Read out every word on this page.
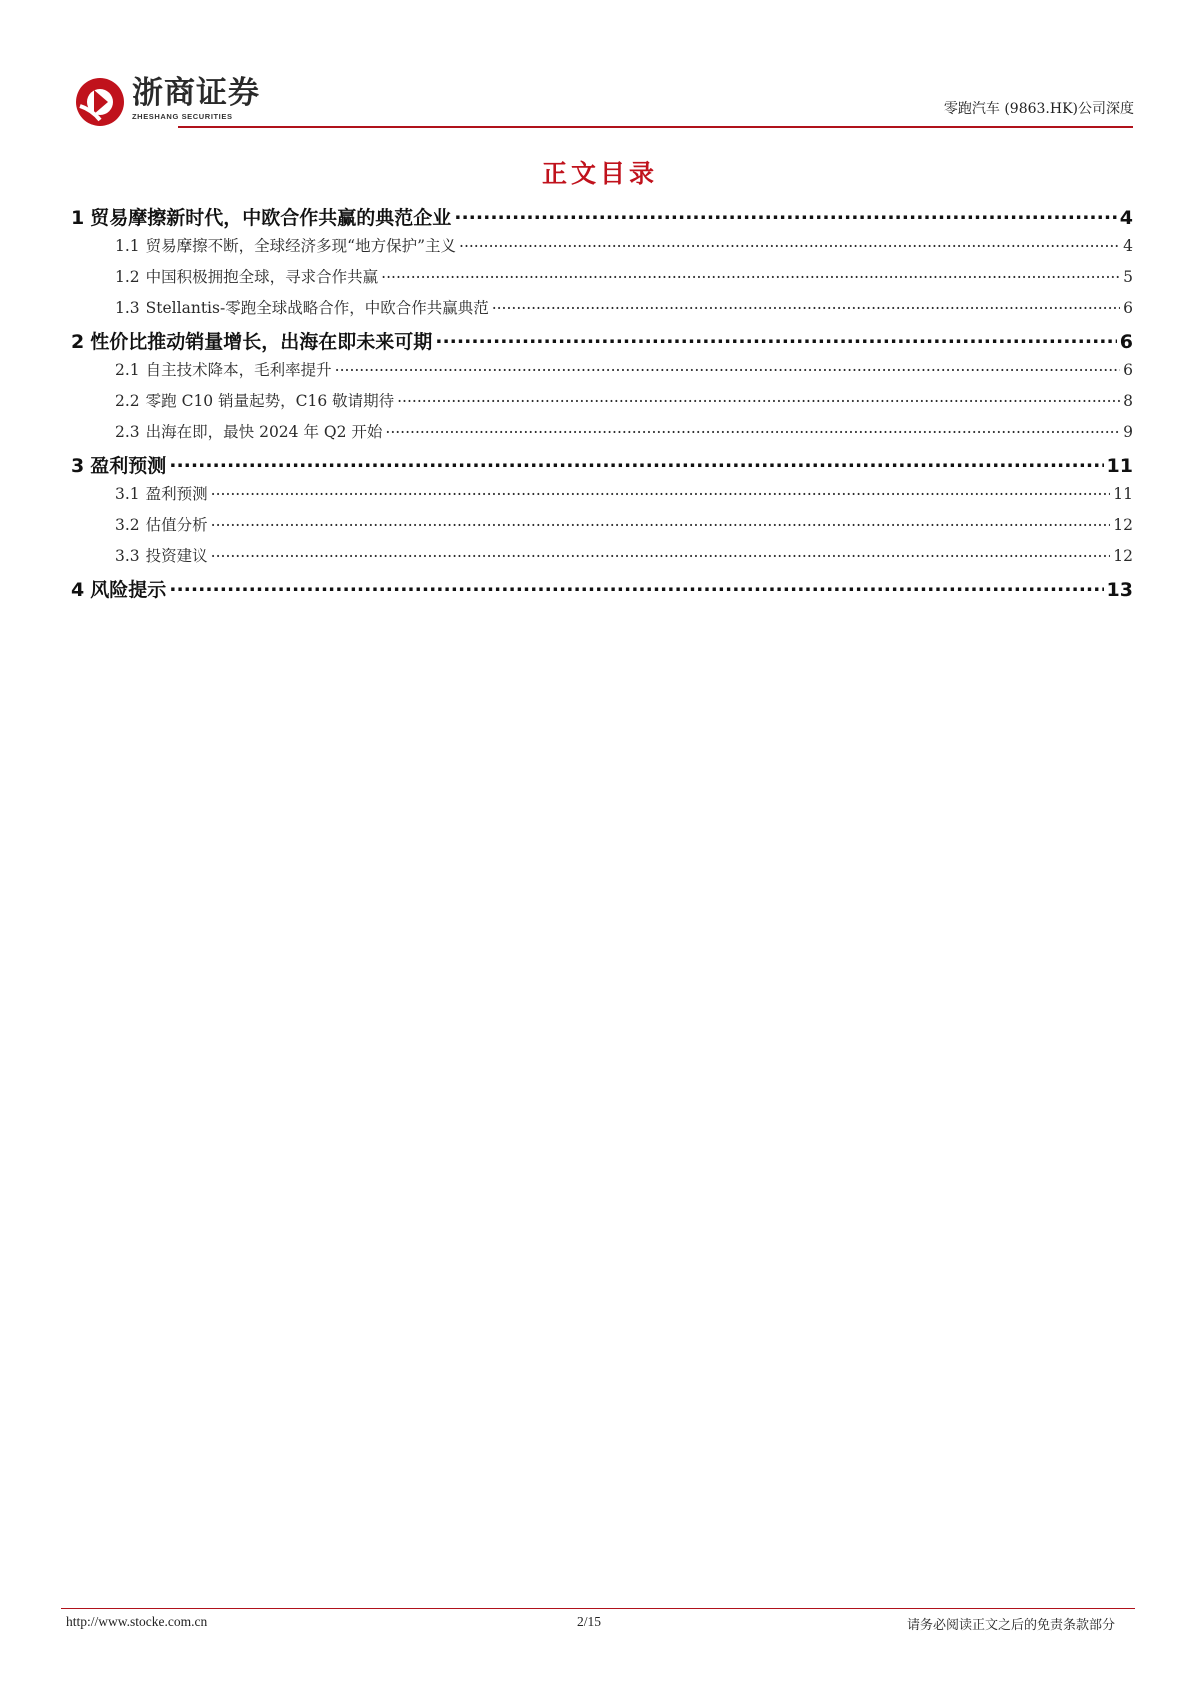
浙商证券
ZHESHANG SECURITIES	零跑汽车 (9863.HK)公司深度
正文目录
1 贸易摩擦新时代，中欧合作共赢的典范企业 .....	4
1.1 贸易摩擦不断，全球经济多现“地方保护”主义 .....	4
1.2 中国积极拥抱全球，寻求合作共赢 .....	5
1.3 Stellantis-零跑全球战略合作，中欧合作共赢典范 .....	6
2 性价比推动销量增长，出海在即未来可期 .....	6
2.1 自主技术降本，毛利率提升 .....	6
2.2 零跑 C10 销量起势，C16 敬请期待 .....	8
2.3 出海在即，最快 2024 年 Q2 开始 .....	9
3 盈利预测 .....	11
3.1 盈利预测 .....	11
3.2 估值分析 .....	12
3.3 投资建议 .....	12
4 风险提示 .....	13
http://www.stocke.com.cn	2/15	请务必阅读正文之后的免责条款部分
